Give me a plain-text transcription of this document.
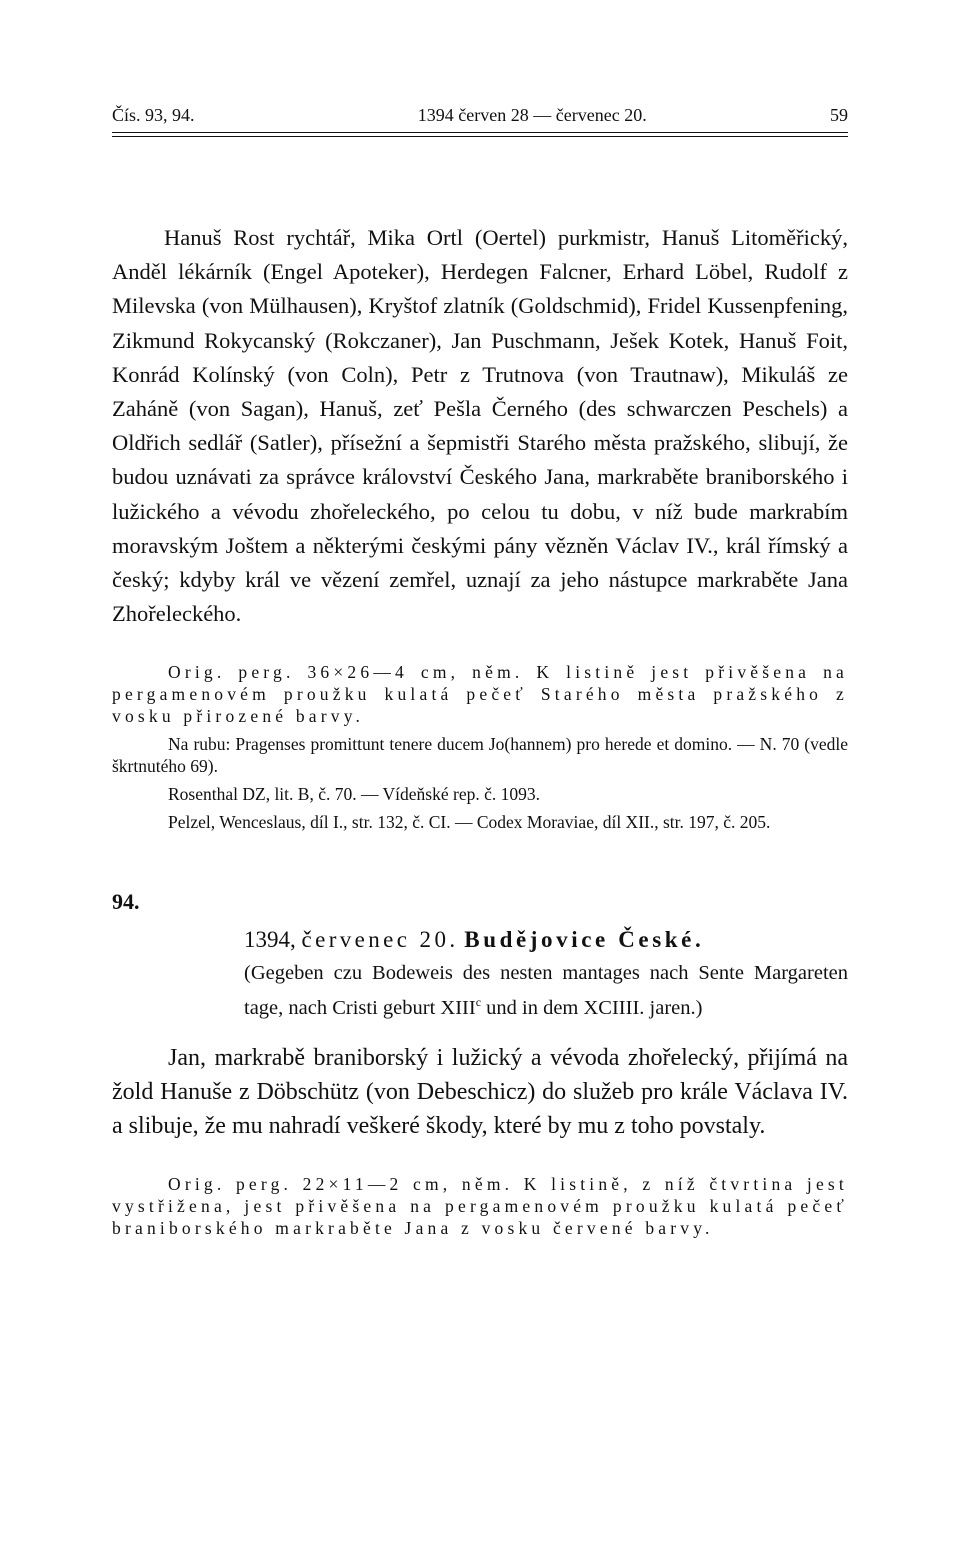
Čís. 93, 94.	1394 červen 28 — červenec 20.	59

Hanuš Rost rychtář, Mika Ortl (Oertel) purkmistr, Hanuš Litoměřický, Anděl lékárník (Engel Apoteker), Herdegen Falcner, Erhard Löbel, Rudolf z Milevska (von Mülhausen), Kryštof zlatník (Goldschmid), Fridel Kussenpfening, Zikmund Rokycanský (Rokczaner), Jan Puschmann, Ješek Kotek, Hanuš Foit, Konrád Kolínský (von Coln), Petr z Trutnova (von Trautnaw), Mikuláš ze Zaháně (von Sagan), Hanuš, zeť Pešla Černého (des schwarczen Peschels) a Oldřich sedlář (Satler), přísežní a šepmistři Starého města pražského, slibují, že budou uznávati za správce království Českého Jana, markraběte braniborského i lužického a vévodu zhořeleckého, po celou tu dobu, v níž bude markrabím moravským Joštem a některými českými pány vězněn Václav IV., král římský a český; kdyby král ve vězení zemřel, uznají za jeho nástupce markraběte Jana Zhořeleckého.

Orig. perg. 36×26—4 cm, něm. K listině jest přivěšena na pergamenovém proužku kulatá pečeť Starého města pražského z vosku přirozené barvy.

Na rubu: Pragenses promittunt tenere ducem Jo(hannem) pro herede et domino. — N. 70 (vedle škrtnutého 69).

Rosenthal DZ, lit. B, č. 70. — Vídeňské rep. č. 1093.

Pelzel, Wenceslaus, díl I., str. 132, č. CI. — Codex Moraviae, díl XII., str. 197, č. 205.

94.
1394, červenec 20. Budějovice České.
(Gegeben czu Bodeweis des nesten mantages nach Sente Margareten tage, nach Cristi geburt XIII$^c$ und in dem XCIIII. jaren.)

Jan, markrabě braniborský i lužický a vévoda zhořelecký, přijímá na žold Hanuše z Döbschütz (von Debeschicz) do služeb pro krále Václava IV. a slibuje, že mu nahradí veškeré škody, které by mu z toho povstaly.

Orig. perg. 22×11—2 cm, něm. K listině, z níž čtvrtina jest vystřižena, jest přivěšena na pergamenovém proužku kulatá pečeť braniborského markraběte Jana z vosku červené barvy.
